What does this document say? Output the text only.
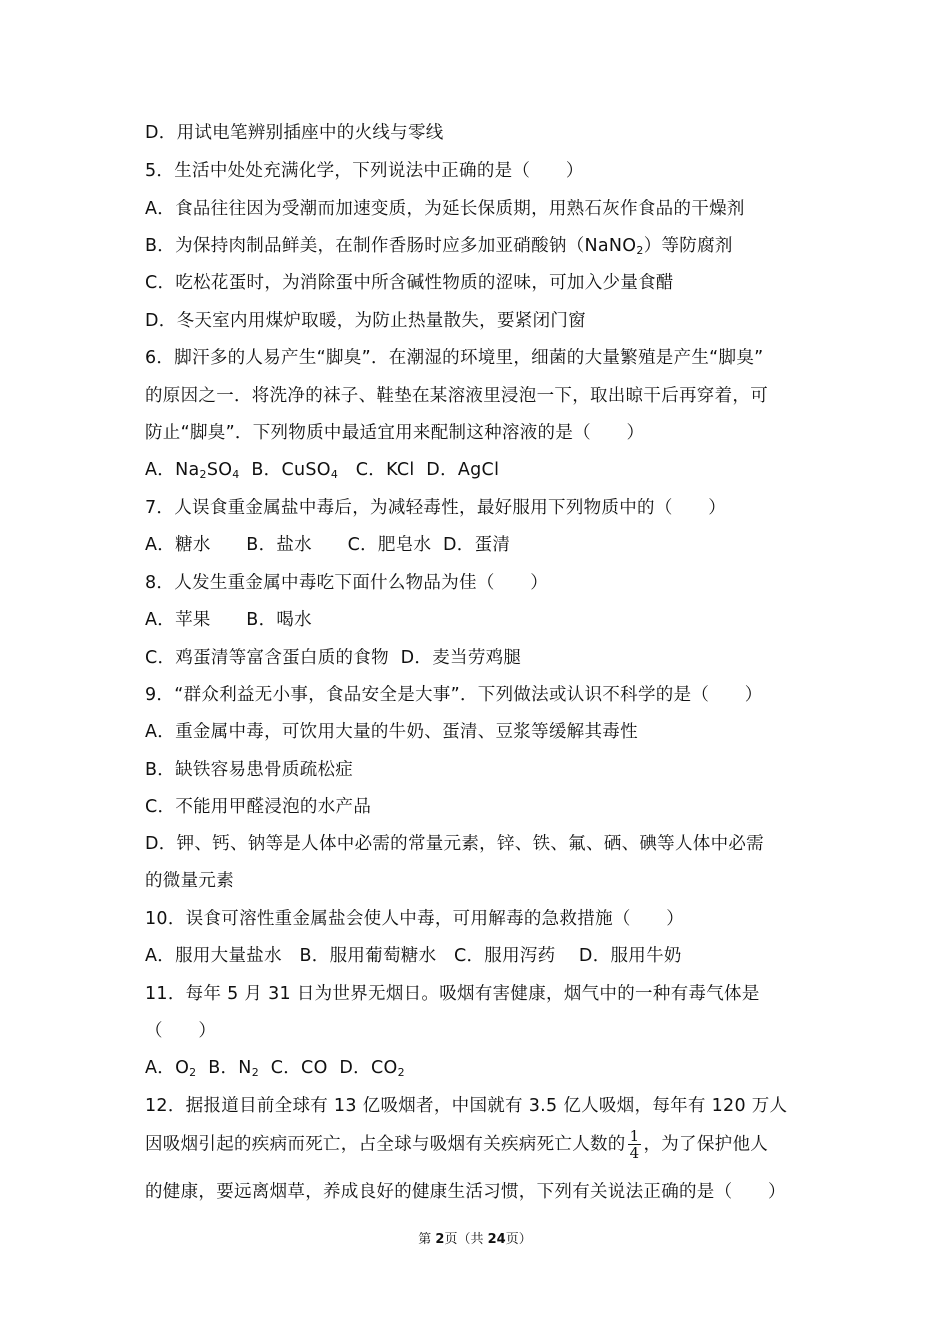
D．用试电笔辨别插座中的火线与零线
5．生活中处处充满化学，下列说法中正确的是（　　）
A．食品往往因为受潮而加速变质，为延长保质期，用熟石灰作食品的干燥剂
B．为保持肉制品鲜美，在制作香肠时应多加亚硝酸钠（NaNO$_2$）等防腐剂
C．吃松花蛋时，为消除蛋中所含碱性物质的涩味，可加入少量食醋
D．冬天室内用煤炉取暖，为防止热量散失，要紧闭门窗
6．脚汗多的人易产生“脚臭”．在潮湿的环境里，细菌的大量繁殖是产生“脚臭”
的原因之一．将洗净的袜子、鞋垫在某溶液里浸泡一下，取出晾干后再穿着，可
防止“脚臭”．下列物质中最适宜用来配制这种溶液的是（　　）
A．$Na_2SO_4$  B．CuSO$_4$   C．KCl  D．AgCl
7．人误食重金属盐中毒后，为减轻毒性，最好服用下列物质中的（　　）
A．糖水　　B．盐水　　C．肥皂水  D．蛋清
8．人发生重金属中毒吃下面什么物品为佳（　　）
A．苹果　　B．喝水
C．鸡蛋清等富含蛋白质的食物  D．麦当劳鸡腿
9．“群众利益无小事，食品安全是大事”．下列做法或认识不科学的是（　　）
A．重金属中毒，可饮用大量的牛奶、蛋清、豆浆等缓解其毒性
B．缺铁容易患骨质疏松症
C．不能用甲醛浸泡的水产品
D．钾、钙、钠等是人体中必需的常量元素，锌、铁、氟、硒、碘等人体中必需
的微量元素
10．误食可溶性重金属盐会使人中毒，可用解毒的急救措施（　　）
A．服用大量盐水   B．服用葡萄糖水   C．服用泻药    D．服用牛奶
11．每年 5 月 31 日为世界无烟日。吸烟有害健康，烟气中的一种有毒气体是
（　　）
A．$O_2$  B．$N_2$  C．CO  D．$CO_2$
12．据报道目前全球有 13 亿吸烟者，中国就有 3.5 亿人吸烟，每年有 120 万人
因吸烟引起的疾病而死亡，占全球与吸烟有关疾病死亡人数的 $\frac{1}{4}$ ，为了保护他人
的健康，要远离烟草，养成良好的健康生活习惯，下列有关说法正确的是（　　）
第 2页（共 24页）
